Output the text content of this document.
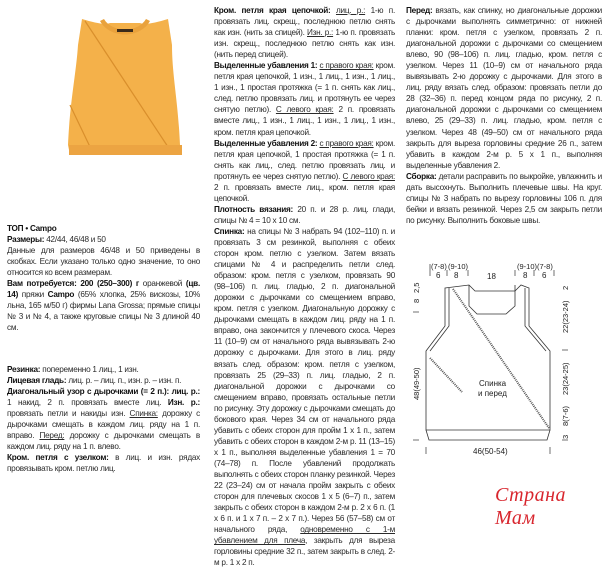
ТОП • Campo

Размеры: 42/44, 46/48 и 50

Данные для размеров 46/48 и 50 приведены в скобках. Если указано только одно значение, то оно относится ко всем размерам.

Вам потребуется: 200 (250–300) г оранжевой (цв. 14) пряжи Campo (65% хлопка, 25% вискозы, 10% льна, 165 м/50 г) фирмы Lana Grossa; прямые спицы № 3 и № 4, а также круговые спицы № 3 длиной 40 см.

Резинка: попеременно 1 лиц., 1 изн.

Лицевая гладь: лиц. р. – лиц. п., изн. р. – изн. п.

Диагональный узор с дырочками (= 2 п.): лиц. р.: 1 накид, 2 п. провязать вместе лиц. Изн. р.: провязать петли и накиды изн. Спинка: дорожку с дырочками смещать в каждом лиц. ряду на 1 п. вправо. Перед: дорожку с дырочками смещать в каждом лиц. ряду на 1 п. влево.

Кром. петля с узелком: в лиц. и изн. рядах провязывать кром. петлю лиц.

Кром. петля края цепочкой: лиц. р.: 1-ю п. провязать лиц. скрещ., последнюю петлю снять как изн. (нить за спицей). Изн. р.: 1-ю п. провязать изн. скрещ., последнюю петлю снять как изн. (нить перед спицей).

Выделенные убавления 1: с правого края: кром. петля края цепочкой, 1 изн., 1 лиц., 1 изн., 1 лиц., 1 изн., 1 простая протяжка (= 1 п. снять как лиц., след. петлю провязать лиц. и протянуть ее через снятую петлю). С левого края: 2 п. провязать вместе лиц., 1 изн., 1 лиц., 1 изн., 1 лиц., 1 изн., кром. петля края цепочкой.

Выделенные убавления 2: с правого края: кром. петля края цепочкой, 1 простая протяжка (= 1 п. снять как лиц., след. петлю провязать лиц. и протянуть ее через снятую петлю). С левого края: 2 п. провязать вместе лиц., кром. петля края цепочкой.

Плотность вязания: 20 п. и 28 р. лиц. глади, спицы № 4 = 10 х 10 см.

Спинка: на спицы № 3 набрать 94 (102–110) п. и провязать 3 см резинкой, выполняя с обеих сторон кром. петлю с узелком. Затем вязать спицами № 4 и распределить петли след. образом: кром. петля с узелком, провязать 90 (98–106) п. лиц. гладью, 2 п. диагональной дорожки с дырочками со смещением вправо, кром. петля с узелком. Диагональную дорожку с дырочками смещать в каждом лиц. ряду на 1 п. вправо, она закончится у плечевого скоса. Через 11 (10–9) см от начального ряда вывязывать 2-ю дорожку с дырочками. Для этого в лиц. ряду вязать след. образом: кром. петля с узелком, провязать 25 (29–33) п. лиц. гладью, 2 п. диагональной дорожки с дырочками со смещением вправо, провязать остальные петли по рисунку. Эту дорожку с дырочками смещать до бокового края. Через 34 см от начального ряда убавить с обеих сторон для пройм 1 х 1 п., затем убавить с обеих сторон в каждом 2-м р. 11 (13–15) х 1 п., выполняя выделенные убавления 1 = 70 (74–78) п. После убавлений продолжать выполнять с обеих сторон планку резинкой. Через 22 (23–24) см от начала пройм закрыть с обеих сторон для плечевых скосов 1 х 5 (6–7) п., затем закрыть с обеих сторон в каждом 2-м р. 2 х 6 п. (1 х 6 п. и 1 х 7 п. – 2 х 7 п.). Через 56 (57–58) см от начального ряда, одновременно с 1-м убавлением для плеча, закрыть для выреза горловины средние 32 п., затем закрыть в след. 2-м р. 1 х 2 п.

Перед: вязать, как спинку, но диагональные дорожки с дырочками выполнять симметрично: от нижней планки: кром. петля с узелком, провязать 2 п. диагональной дорожки с дырочками со смещением влево, 90 (98–106) п. лиц. гладью, кром. петля с узелком. Через 11 (10–9) см от начального ряда вывязывать 2-ю дорожку с дырочками. Для этого в лиц. ряду вязать след. образом: провязать петли до 28 (32–36) п. перед концом ряда по рисунку, 2 п. диагональной дорожки с дырочками со смещением влево, 25 (29–33) п. лиц. гладью, кром. петля с узелком. Через 48 (49–50) см от начального ряда закрыть для выреза горловины средние 26 п., затем убавить в каждом 2-м р. 5 х 1 п., выполняя выделенные убавления 2.

Сборка: детали расправить по выкройке, увлажнить и дать высохнуть. Выполнить плечевые швы. На круг. спицы № 3 набрать по вырезу горловины 106 п. для бейки и вязать резинкой. Через 2,5 см закрыть петли по рисунку. Выполнить боковые швы.

(7-8) (9-10)
6 8	18
(9-10) (7-8)
8 6
2,5
8
48(49-50)
2
22(23-24)
23(24-25)
8(7-6)
3
46(50-54)
Спинка
и перед
Страна Мам
